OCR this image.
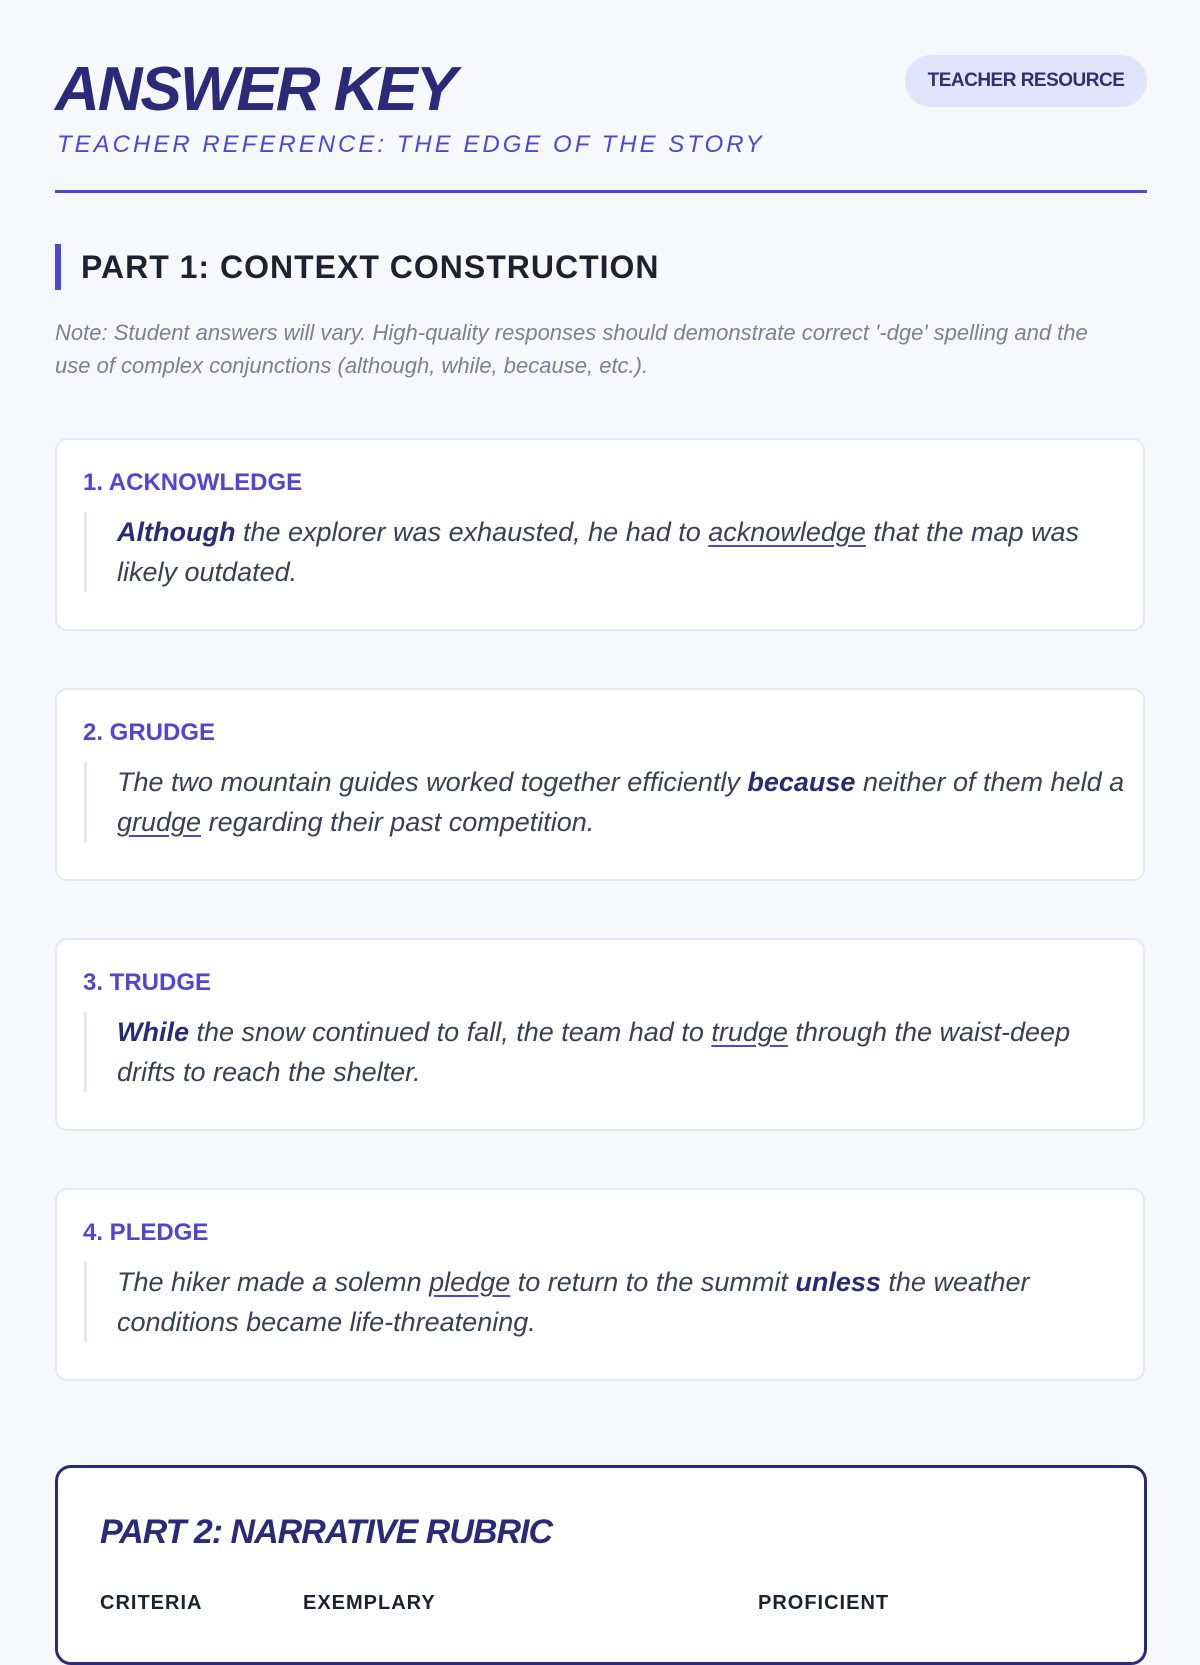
ANSWER KEY
TEACHER REFERENCE: THE EDGE OF THE STORY
TEACHER RESOURCE
PART 1: CONTEXT CONSTRUCTION
Note: Student answers will vary. High-quality responses should demonstrate correct '-dge' spelling and the use of complex conjunctions (although, while, because, etc.).
1. ACKNOWLEDGE
Although the explorer was exhausted, he had to acknowledge that the map was likely outdated.
2. GRUDGE
The two mountain guides worked together efficiently because neither of them held a grudge regarding their past competition.
3. TRUDGE
While the snow continued to fall, the team had to trudge through the waist-deep drifts to reach the shelter.
4. PLEDGE
The hiker made a solemn pledge to return to the summit unless the weather conditions became life-threatening.
PART 2: NARRATIVE RUBRIC
CRITERIA	EXEMPLARY	PROFICIENT
